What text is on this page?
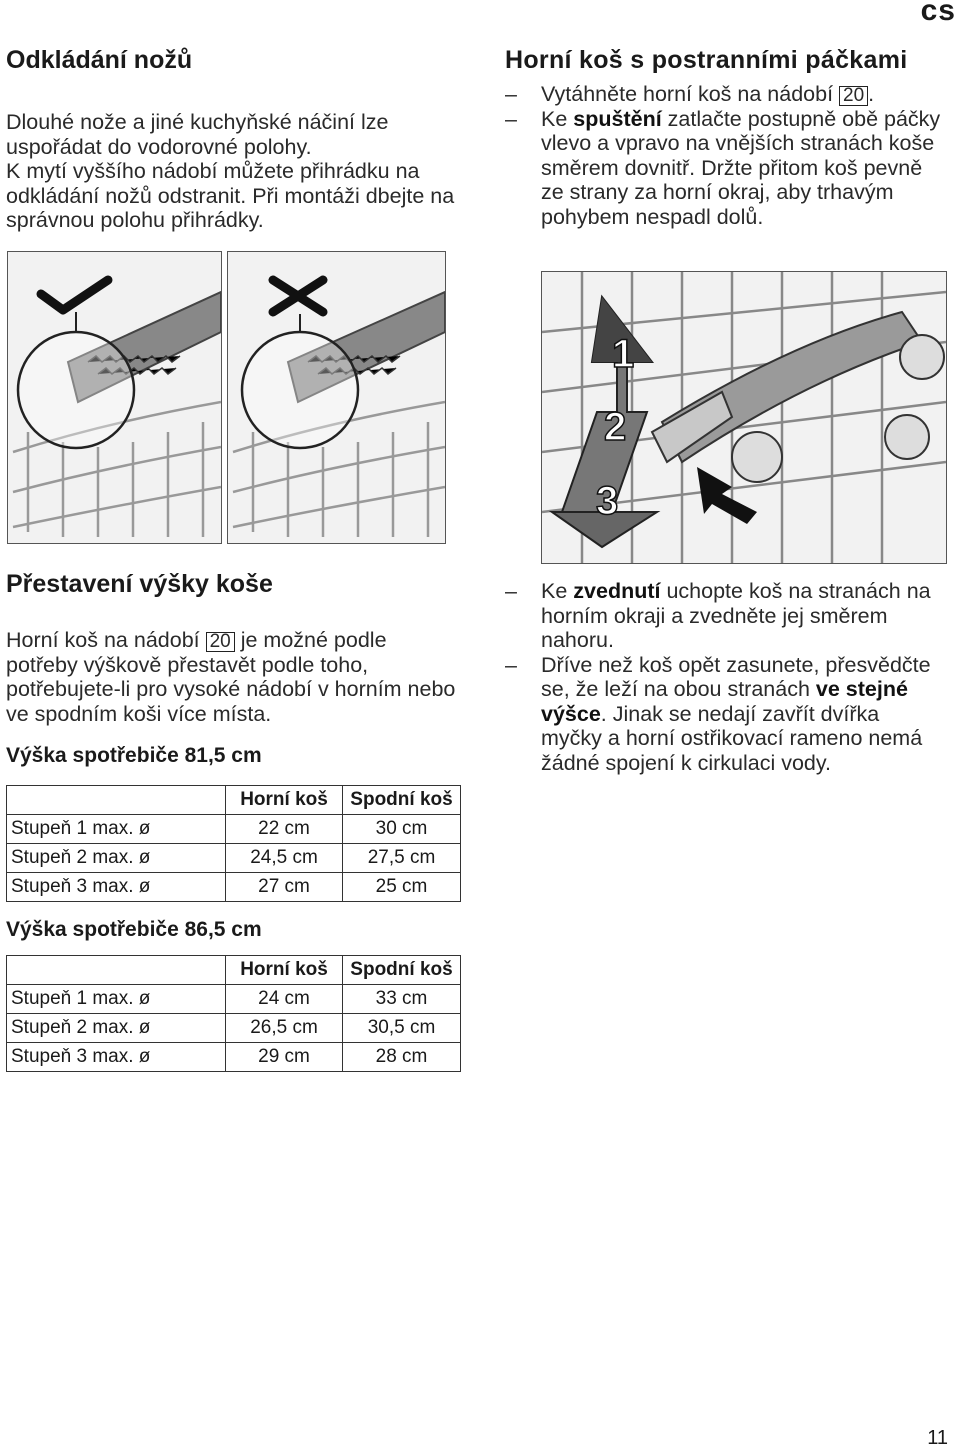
cs
Odkládání nožů

Dlouhé nože a jiné kuchyňské náčiní lze uspořádat do vodorovné polohy.

K mytí vyššího nádobí můžete přihrádku na odkládání nožů odstranit. Při montáži dbejte na správnou polohu přihrádky.

Horní koš s postranními páčkami
– Vytáhněte horní koš na nádobí 20 .
– Ke spuštění zatlačte postupně obě páčky vlevo a vpravo na vnějších stranách koše směrem dovnitř. Držte přitom koš pevně ze strany za horní okraj, aby trhavým pohybem nespadl dolů.
1
2
3
Přestavení výšky koše

Horní koš na nádobí 20 je možné podle potřeby výškově přestavět podle toho, potřebujete-li pro vysoké nádobí v horním nebo ve spodním koši více místa.

– Ke zvednutí uchopte koš na stranách na horním okraji a zvedněte jej směrem nahoru.
– Dříve než koš opět zasunete, přesvědčte se, že leží na obou stranách ve stejné výšce. Jinak se nedají zavřít dvířka myčky a horní ostřikovací rameno nemá žádné spojení k cirkulaci vody.
Výška spotřebiče 81,5 cm
	Horní koš	Spodní koš
Stupeň 1 max. ø	22 cm	30 cm
Stupeň 2 max. ø	24,5 cm	27,5 cm
Stupeň 3 max. ø	27 cm	25 cm
Výška spotřebiče 86,5 cm
	Horní koš	Spodní koš
Stupeň 1 max. ø	24 cm	33 cm
Stupeň 2 max. ø	26,5 cm	30,5 cm
Stupeň 3 max. ø	29 cm	28 cm
11
